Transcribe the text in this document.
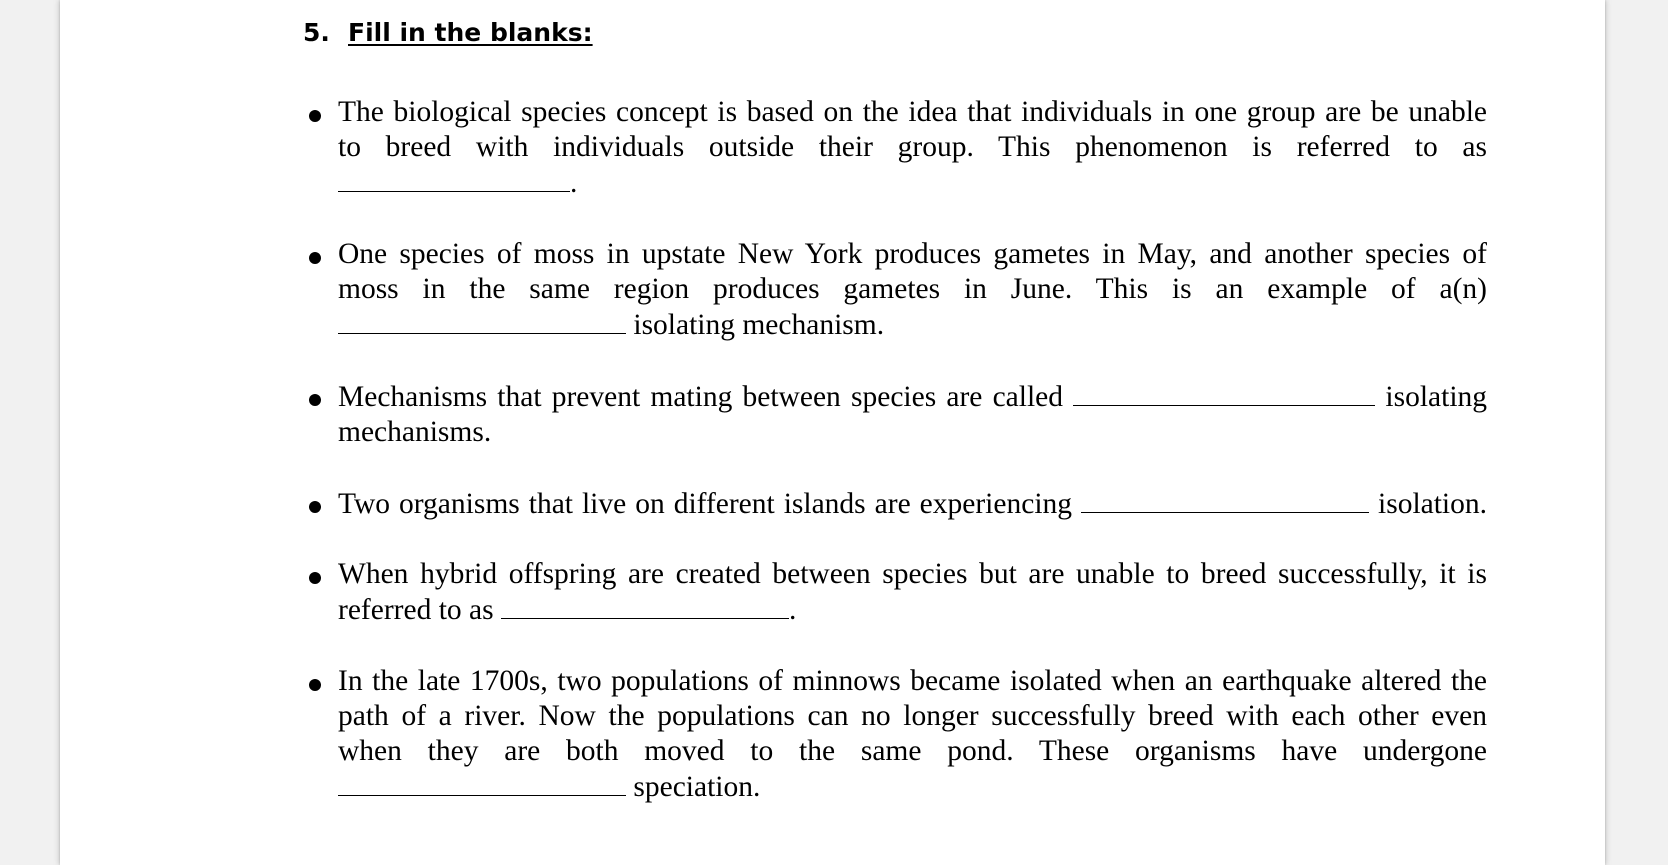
5. Fill in the blanks:
The biological species concept is based on the idea that individuals in one group are be unable
to breed with individuals outside their group. This phenomenon is referred to as
.
One species of moss in upstate New York produces gametes in May, and another species of
moss in the same region produces gametes in June. This is an example of a(n)
isolating mechanism.
Mechanisms that prevent mating between species are called	isolating
mechanisms.
Two organisms that live on different islands are experiencing	isolation.
When hybrid offspring are created between species but are unable to breed successfully, it is
referred to as	.
In the late 1700s, two populations of minnows became isolated when an earthquake altered the
path of a river. Now the populations can no longer successfully breed with each other even
when they are both moved to the same pond. These organisms have undergone
speciation.
